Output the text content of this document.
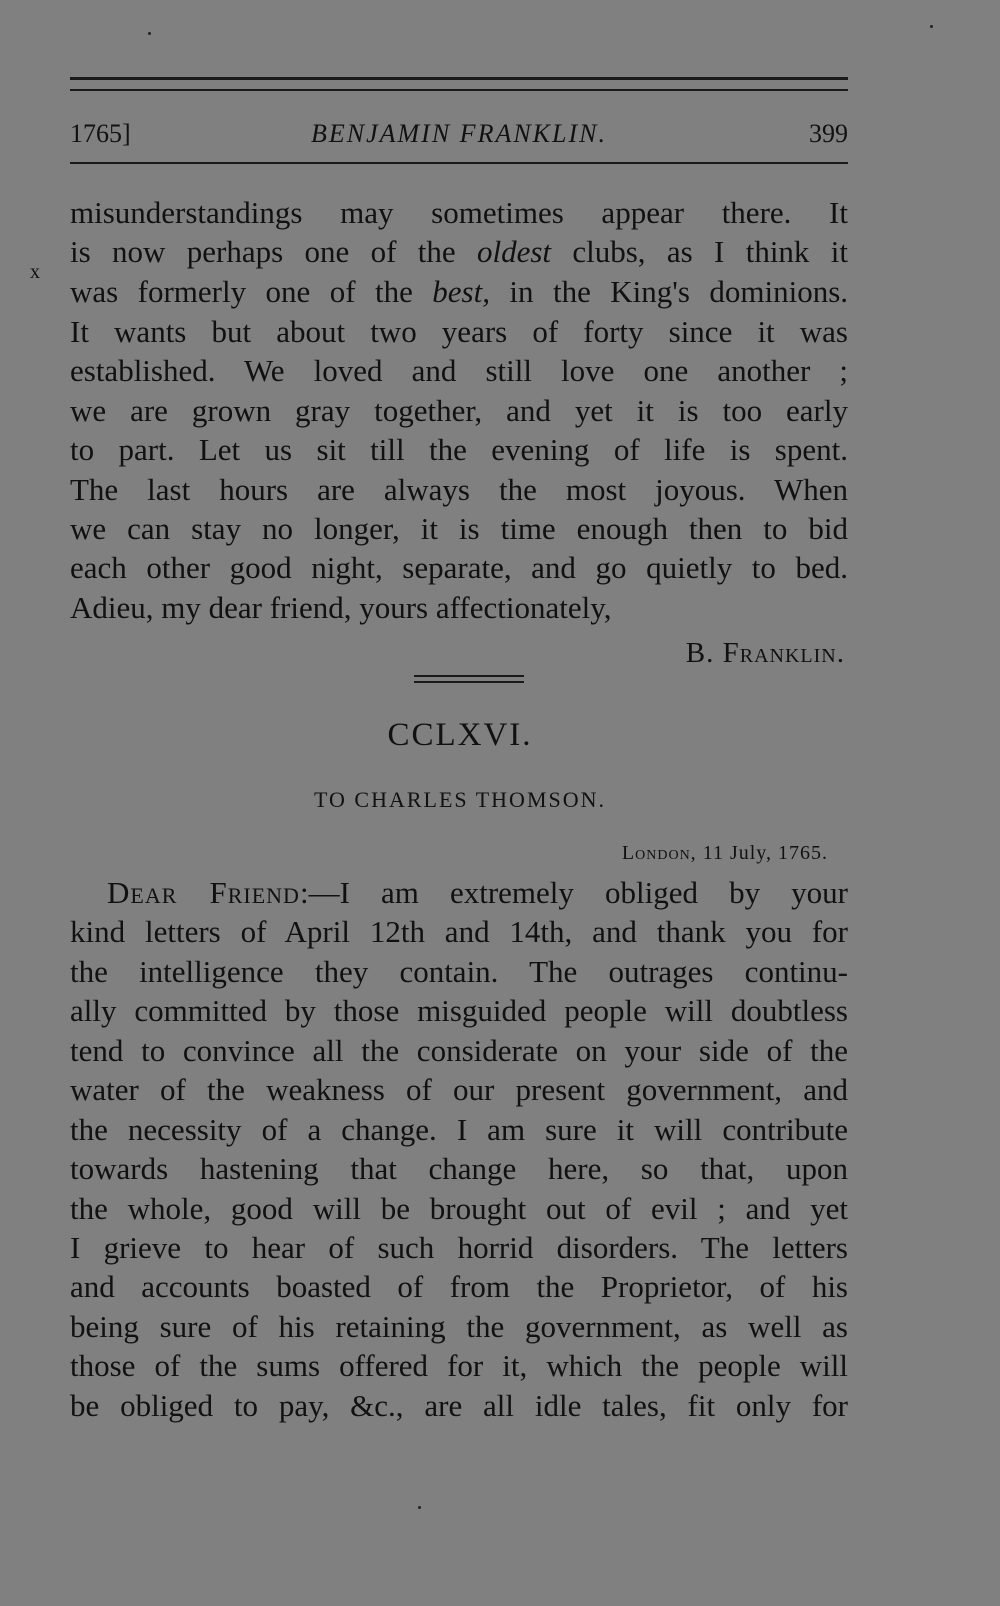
1765]	BENJAMIN FRANKLIN.	399
x
misunderstandings may sometimes appear there. It
is now perhaps one of the oldest clubs, as I think it
was formerly one of the best, in the King's dominions.
It wants but about two years of forty since it was
established. We loved and still love one another ;
we are grown gray together, and yet it is too early
to part. Let us sit till the evening of life is spent.
The last hours are always the most joyous. When
we can stay no longer, it is time enough then to bid
each other good night, separate, and go quietly to bed.
Adieu, my dear friend, yours affectionately,
B. Franklin.
CCLXVI.
TO CHARLES THOMSON.
London, 11 July, 1765.
Dear Friend:—I am extremely obliged by your
kind letters of April 12th and 14th, and thank you for
the intelligence they contain. The outrages continu-
ally committed by those misguided people will doubtless
tend to convince all the considerate on your side of the
water of the weakness of our present government, and
the necessity of a change. I am sure it will contribute
towards hastening that change here, so that, upon
the whole, good will be brought out of evil ; and yet
I grieve to hear of such horrid disorders. The letters
and accounts boasted of from the Proprietor, of his
being sure of his retaining the government, as well as
those of the sums offered for it, which the people will
be obliged to pay, &c., are all idle tales, fit only for
